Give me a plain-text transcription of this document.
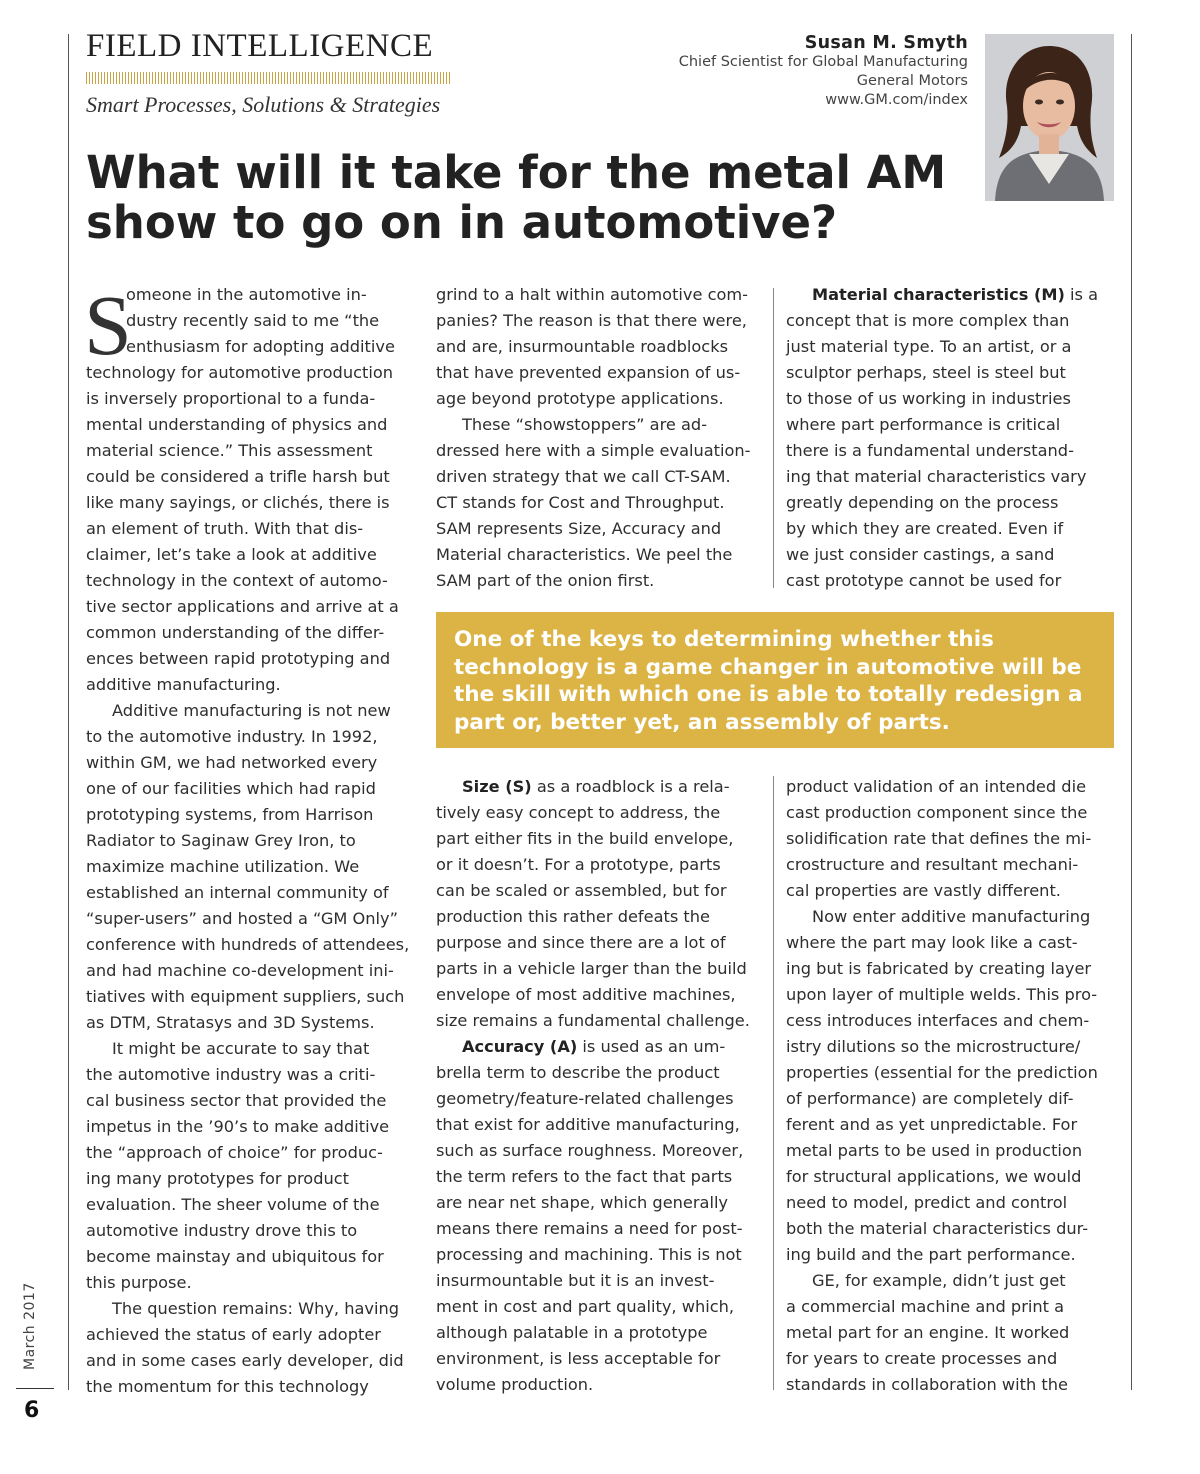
FIELD INTELLIGENCE
Smart Processes, Solutions & Strategies
Susan M. Smyth
Chief Scientist for Global Manufacturing
General Motors
www.GM.com/index
What will it take for the metal AM
show to go on in automotive?
S
omeone in the automotive in-
dustry recently said to me “the
enthusiasm for adopting additive
technology for automotive production
is inversely proportional to a funda-
mental understanding of physics and
material science.” This assessment
could be considered a trifle harsh but
like many sayings, or clichés, there is
an element of truth. With that dis-
claimer, let’s take a look at additive
technology in the context of automo-
tive sector applications and arrive at a
common understanding of the differ-
ences between rapid prototyping and
additive manufacturing.
Additive manufacturing is not new
to the automotive industry. In 1992,
within GM, we had networked every
one of our facilities which had rapid
prototyping systems, from Harrison
Radiator to Saginaw Grey Iron, to
maximize machine utilization. We
established an internal community of
“super-users” and hosted a “GM Only”
conference with hundreds of attendees,
and had machine co-development ini-
tiatives with equipment suppliers, such
as DTM, Stratasys and 3D Systems.
It might be accurate to say that
the automotive industry was a criti-
cal business sector that provided the
impetus in the ’90’s to make additive
the “approach of choice” for produc-
ing many prototypes for product
evaluation. The sheer volume of the
automotive industry drove this to
become mainstay and ubiquitous for
this purpose.
The question remains: Why, having
achieved the status of early adopter
and in some cases early developer, did
the momentum for this technology
grind to a halt within automotive com-
panies? The reason is that there were,
and are, insurmountable roadblocks
that have prevented expansion of us-
age beyond prototype applications.
These “showstoppers” are ad-
dressed here with a simple evaluation-
driven strategy that we call CT-SAM.
CT stands for Cost and Throughput.
SAM represents Size, Accuracy and
Material characteristics. We peel the
SAM part of the onion first.
Material characteristics (M) is a
concept that is more complex than
just material type. To an artist, or a
sculptor perhaps, steel is steel but
to those of us working in industries
where part performance is critical
there is a fundamental understand-
ing that material characteristics vary
greatly depending on the process
by which they are created. Even if
we just consider castings, a sand
cast prototype cannot be used for
One of the keys to determining whether this technology is a game changer in automotive will be the skill with which one is able to totally redesign a part or, better yet, an assembly of parts.
Size (S) as a roadblock is a rela-
tively easy concept to address, the
part either fits in the build envelope,
or it doesn’t. For a prototype, parts
can be scaled or assembled, but for
production this rather defeats the
purpose and since there are a lot of
parts in a vehicle larger than the build
envelope of most additive machines,
size remains a fundamental challenge.
Accuracy (A) is used as an um-
brella term to describe the product
geometry/feature-related challenges
that exist for additive manufacturing,
such as surface roughness. Moreover,
the term refers to the fact that parts
are near net shape, which generally
means there remains a need for post-
processing and machining. This is not
insurmountable but it is an invest-
ment in cost and part quality, which,
although palatable in a prototype
environment, is less acceptable for
volume production.
product validation of an intended die
cast production component since the
solidification rate that defines the mi-
crostructure and resultant mechani-
cal properties are vastly different.
Now enter additive manufacturing
where the part may look like a cast-
ing but is fabricated by creating layer
upon layer of multiple welds. This pro-
cess introduces interfaces and chem-
istry dilutions so the microstructure/
properties (essential for the prediction
of performance) are completely dif-
ferent and as yet unpredictable. For
metal parts to be used in production
for structural applications, we would
need to model, predict and control
both the material characteristics dur-
ing build and the part performance.
GE, for example, didn’t just get
a commercial machine and print a
metal part for an engine. It worked
for years to create processes and
standards in collaboration with the
March 2017
6
